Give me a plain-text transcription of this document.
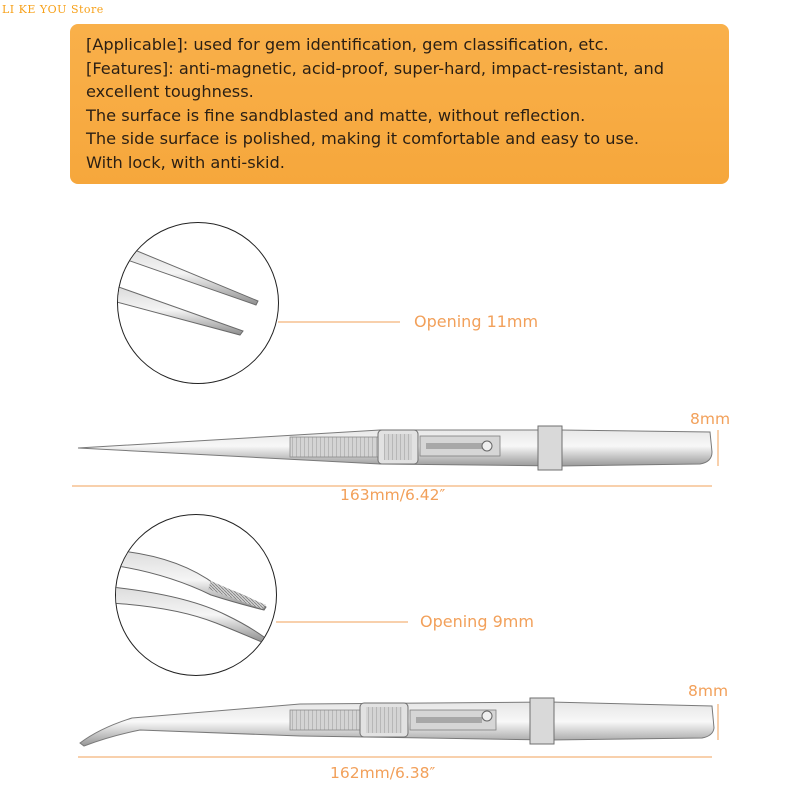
LI KE YOU Store
[Applicable]: used for gem identification, gem classification, etc.
[Features]: anti-magnetic, acid-proof, super-hard, impact-resistant, and
excellent toughness.
The surface is fine sandblasted and matte, without reflection.
The side surface is polished, making it comfortable and easy to use.
With lock, with anti-skid.
Opening 11mm
8mm
163mm/6.42″
Opening 9mm
8mm
162mm/6.38″
